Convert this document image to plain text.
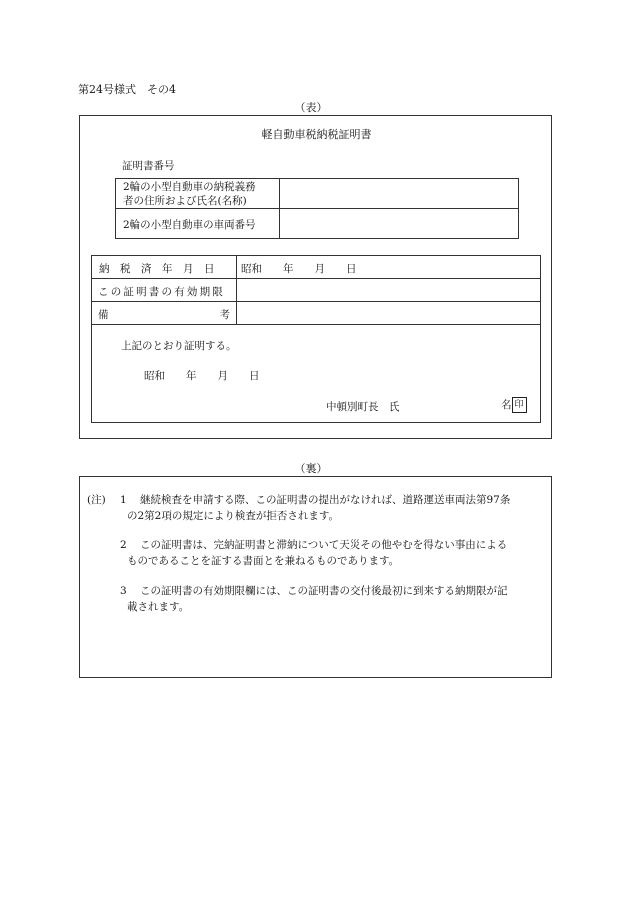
第24号様式　その4
（表）
軽自動車税納税証明書
証明書番号
2輪の小型自動車の納税義務
者の住所および氏名(名称)
2輪の小型自動車の車両番号
納　税　済　年　月　日	昭和　　年　　月　　日
この証明書の有効期限
備	考
上記のとおり証明する。
昭和　　年　　月　　日
中頓別町長　氏	名 印
（裏）
(注) 1 継続検査を申請する際、この証明書の提出がなければ、道路運送車両法第97条
の2第2項の規定により検査が拒否されます。
2 この証明書は、完納証明書と滞納について天災その他やむを得ない事由による
ものであることを証する書面とを兼ねるものであります。
3 この証明書の有効期限欄には、この証明書の交付後最初に到来する納期限が記
載されます。
